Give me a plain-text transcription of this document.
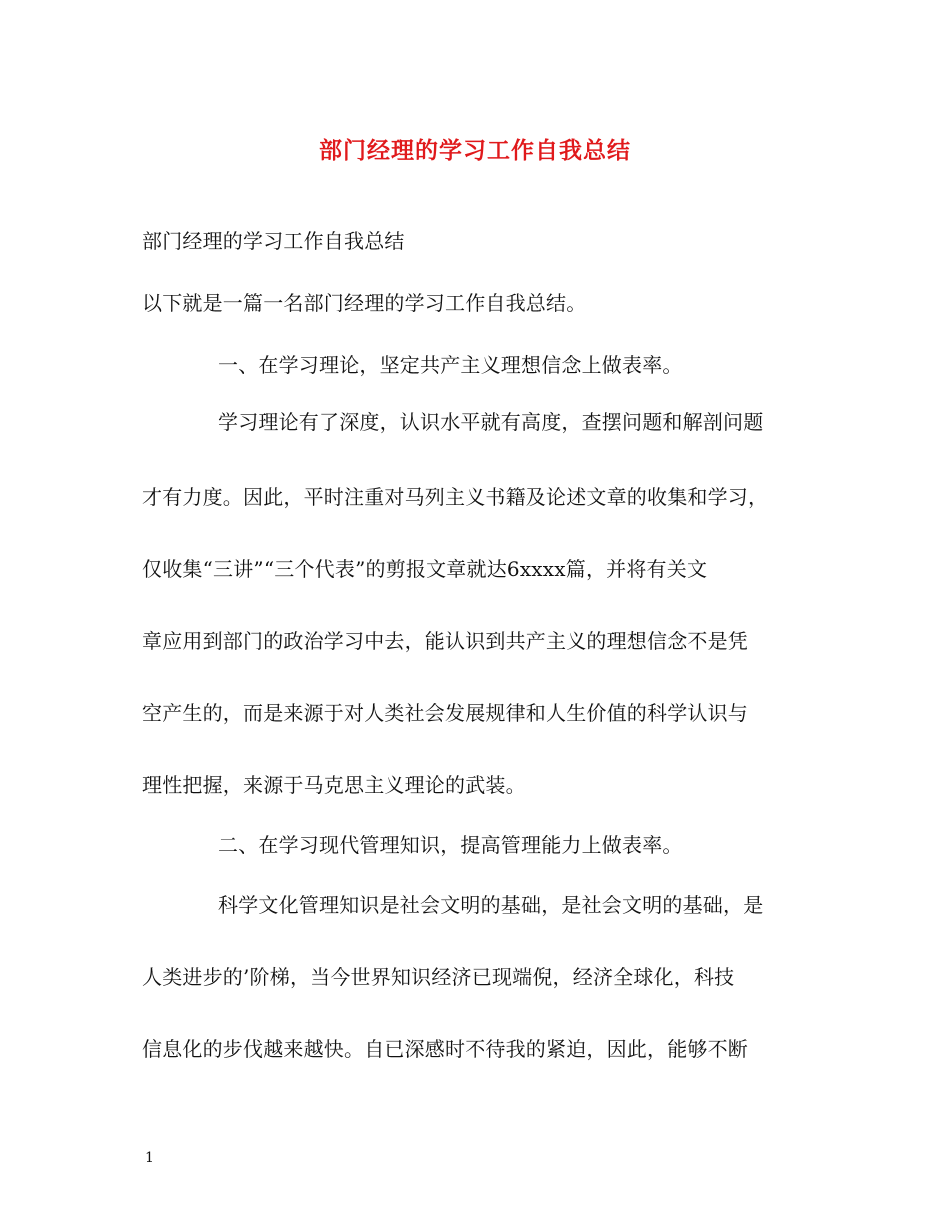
部门经理的学习工作自我总结
部门经理的学习工作自我总结
以下就是一篇一名部门经理的学习工作自我总结。
一、在学习理论，坚定共产主义理想信念上做表率。
学习理论有了深度，认识水平就有高度，查摆问题和解剖问题
才有力度。因此，平时注重对马列主义书籍及论述文章的收集和学习，
仅收集“三讲”“三个代表”的剪报文章就达6xxxx篇，并将有关文
章应用到部门的政治学习中去，能认识到共产主义的理想信念不是凭
空产生的，而是来源于对人类社会发展规律和人生价值的科学认识与
理性把握，来源于马克思主义理论的武装。
二、在学习现代管理知识，提高管理能力上做表率。
科学文化管理知识是社会文明的基础，是社会文明的基础，是
人类进步的’阶梯，当今世界知识经济已现端倪，经济全球化，科技
信息化的步伐越来越快。自已深感时不待我的紧迫，因此，能够不断
1
